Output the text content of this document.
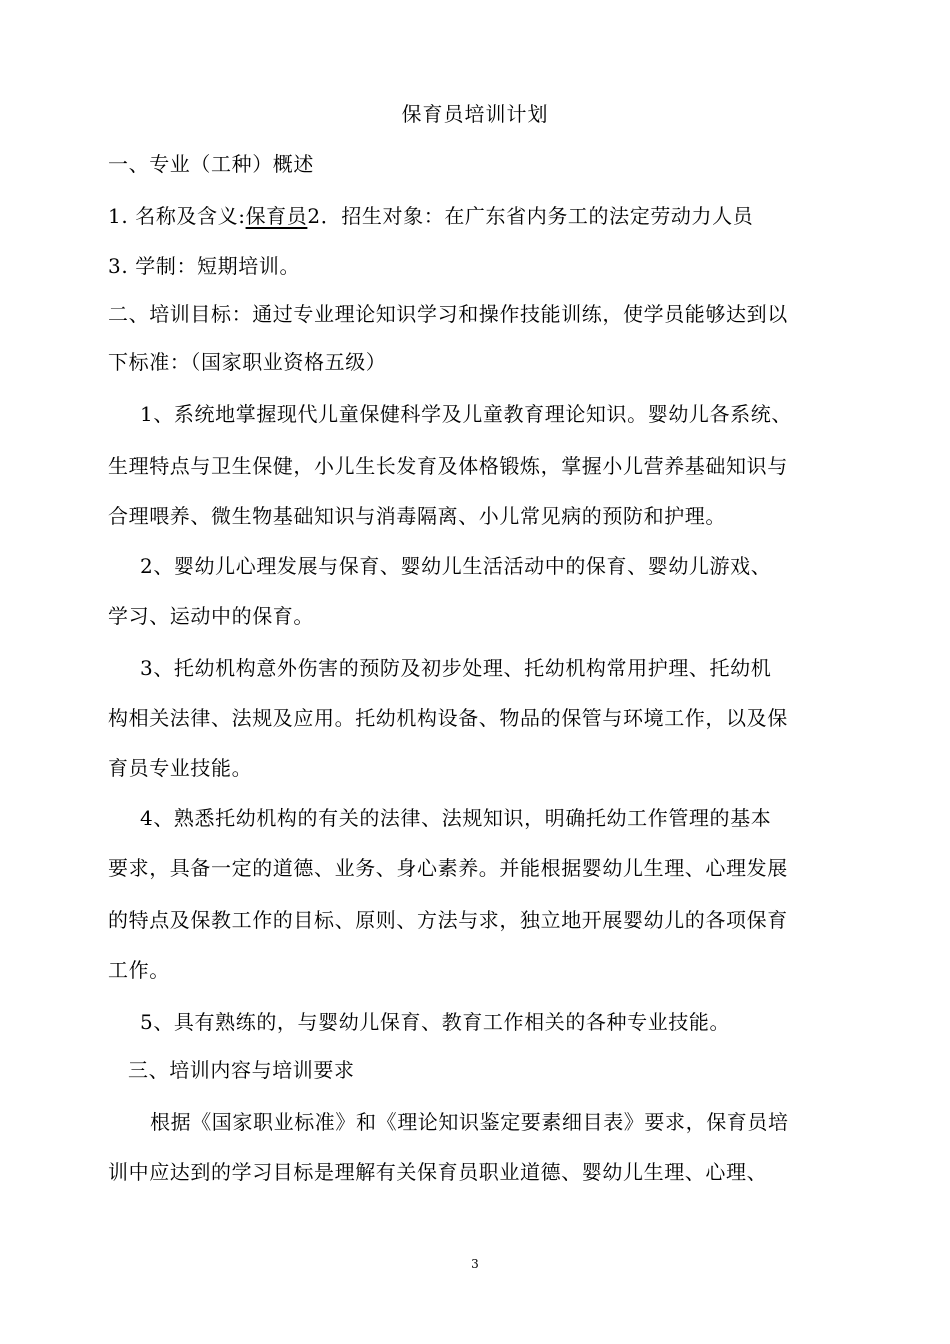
保育员培训计划
一、专业（工种）概述
1. 名称及含义:保育员2．招生对象：在广东省内务工的法定劳动力人员
3. 学制：短期培训。
二、培训目标：通过专业理论知识学习和操作技能训练，使学员能够达到以
下标准：（国家职业资格五级）
1、系统地掌握现代儿童保健科学及儿童教育理论知识。婴幼儿各系统、
生理特点与卫生保健，小儿生长发育及体格锻炼，掌握小儿营养基础知识与
合理喂养、微生物基础知识与消毒隔离、小儿常见病的预防和护理。
2、婴幼儿心理发展与保育、婴幼儿生活活动中的保育、婴幼儿游戏、
学习、运动中的保育。
3、托幼机构意外伤害的预防及初步处理、托幼机构常用护理、托幼机
构相关法律、法规及应用。托幼机构设备、物品的保管与环境工作，以及保
育员专业技能。
4、熟悉托幼机构的有关的法律、法规知识，明确托幼工作管理的基本
要求，具备一定的道德、业务、身心素养。并能根据婴幼儿生理、心理发展
的特点及保教工作的目标、原则、方法与求，独立地开展婴幼儿的各项保育
工作。
5、具有熟练的，与婴幼儿保育、教育工作相关的各种专业技能。
三、培训内容与培训要求
根据《国家职业标准》和《理论知识鉴定要素细目表》要求，保育员培
训中应达到的学习目标是理解有关保育员职业道德、婴幼儿生理、心理、
3
